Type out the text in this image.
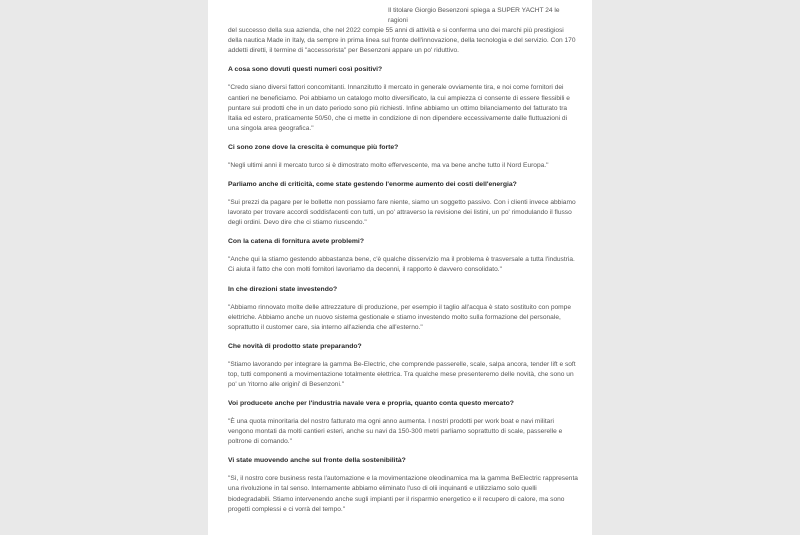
Il titolare Giorgio Besenzoni spiega a SUPER YACHT 24 le ragioni

del successo della sua azienda, che nel 2022 compie 55 anni di attività e si conferma uno dei marchi più prestigiosi della nautica Made in Italy, da sempre in prima linea sul fronte dell'innovazione, della tecnologia e del servizio. Con 170 addetti diretti, il termine di "accessorista" per Besenzoni appare un po' riduttivo.

A cosa sono dovuti questi numeri così positivi?

"Credo siano diversi fattori concomitanti. Innanzitutto il mercato in generale ovviamente tira, e noi come fornitori dei cantieri ne beneficiamo. Poi abbiamo un catalogo molto diversificato, la cui ampiezza ci consente di essere flessibili e puntare sui prodotti che in un dato periodo sono più richiesti. Infine abbiamo un ottimo bilanciamento del fatturato tra Italia ed estero, praticamente 50/50, che ci mette in condizione di non dipendere eccessivamente dalle fluttuazioni di una singola area geografica."

Ci sono zone dove la crescita è comunque più forte?

"Negli ultimi anni il mercato turco si è dimostrato molto effervescente, ma va bene anche tutto il Nord Europa."

Parliamo anche di criticità, come state gestendo l'enorme aumento dei costi dell'energia?

"Sui prezzi da pagare per le bollette non possiamo fare niente, siamo un soggetto passivo. Con i clienti invece abbiamo lavorato per trovare accordi soddisfacenti con tutti, un po' attraverso la revisione dei listini, un po' rimodulando il flusso degli ordini. Devo dire che ci stiamo riuscendo."

Con la catena di fornitura avete problemi?

"Anche qui la stiamo gestendo abbastanza bene, c'è qualche disservizio ma il problema è trasversale a tutta l'industria. Ci aiuta il fatto che con molti fornitori lavoriamo da decenni, il rapporto è davvero consolidato."

In che direzioni state investendo?

"Abbiamo rinnovato molte delle attrezzature di produzione, per esempio il taglio all'acqua è stato sostituito con pompe elettriche. Abbiamo anche un nuovo sistema gestionale e stiamo investendo molto sulla formazione del personale, soprattutto il customer care, sia interno all'azienda che all'esterno."

Che novità di prodotto state preparando?

"Stiamo lavorando per integrare la gamma Be-Electric, che comprende passerelle, scale, salpa ancora, tender lift e soft top, tutti componenti a movimentazione totalmente elettrica. Tra qualche mese presenteremo delle novità, che sono un po' un 'ritorno alle origini' di Besenzoni."

Voi producete anche per l'industria navale vera e propria, quanto conta questo mercato?

"È una quota minoritaria del nostro fatturato ma ogni anno aumenta. I nostri prodotti per work boat e navi militari vengono montati da molti cantieri esteri, anche su navi da 150-300 metri parliamo soprattutto di scale, passerelle e poltrone di comando."

Vi state muovendo anche sul fronte della sostenibilità?

"Sì, il nostro core business resta l'automazione e la movimentazione oleodinamica ma la gamma BeElectric rappresenta una rivoluzione in tal senso. Internamente abbiamo eliminato l'uso di olii inquinanti e utilizziamo solo quelli biodegradabili. Stiamo intervenendo anche sugli impianti per il risparmio energetico e il recupero di calore, ma sono progetti complessi e ci vorrà del tempo."
